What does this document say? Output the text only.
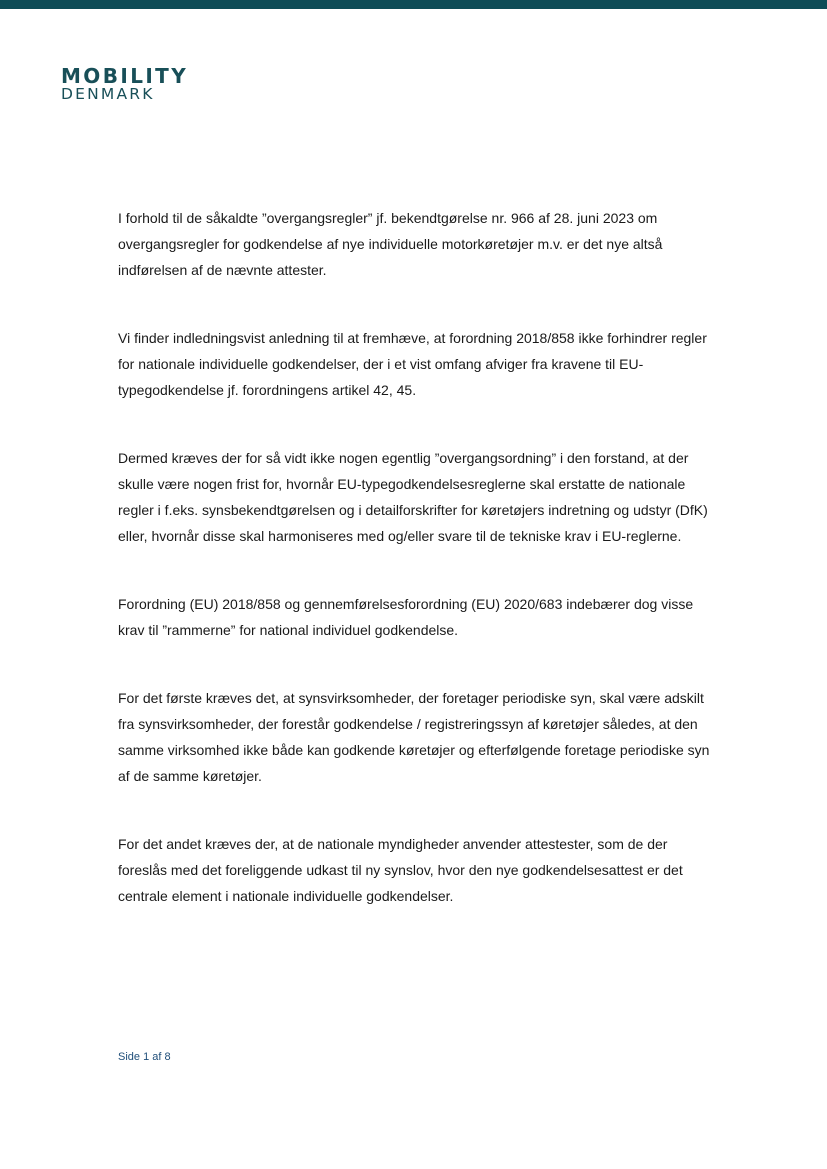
MOBILITY
DENMARK

I forhold til de såkaldte ”overgangsregler” jf. bekendtgørelse nr. 966 af 28. juni 2023 om overgangsregler for godkendelse af nye individuelle motorkøretøjer m.v. er det nye altså indførelsen af de nævnte attester.

Vi finder indledningsvist anledning til at fremhæve, at forordning 2018/858 ikke forhindrer regler for nationale individuelle godkendelser, der i et vist omfang afviger fra kravene til EU-typegodkendelse jf. forordningens artikel 42, 45.

Dermed kræves der for så vidt ikke nogen egentlig ”overgangsordning” i den forstand, at der skulle være nogen frist for, hvornår EU-typegodkendelsesreglerne skal erstatte de nationale regler i f.eks. synsbekendtgørelsen og i detailforskrifter for køretøjers indretning og udstyr (DfK) eller, hvornår disse skal harmoniseres med og/eller svare til de tekniske krav i EU-reglerne.

Forordning (EU) 2018/858 og gennemførelsesforordning (EU) 2020/683 indebærer dog visse krav til ”rammerne” for national individuel godkendelse.

For det første kræves det, at synsvirksomheder, der foretager periodiske syn, skal være adskilt fra synsvirksomheder, der forestår godkendelse / registreringssyn af køretøjer således, at den samme virksomhed ikke både kan godkende køretøjer og efterfølgende foretage periodiske syn af de samme køretøjer.

For det andet kræves der, at de nationale myndigheder anvender attestester, som de der foreslås med det foreliggende udkast til ny synslov, hvor den nye godkendelsesattest er det centrale element i nationale individuelle godkendelser.

Side 1 af 8
